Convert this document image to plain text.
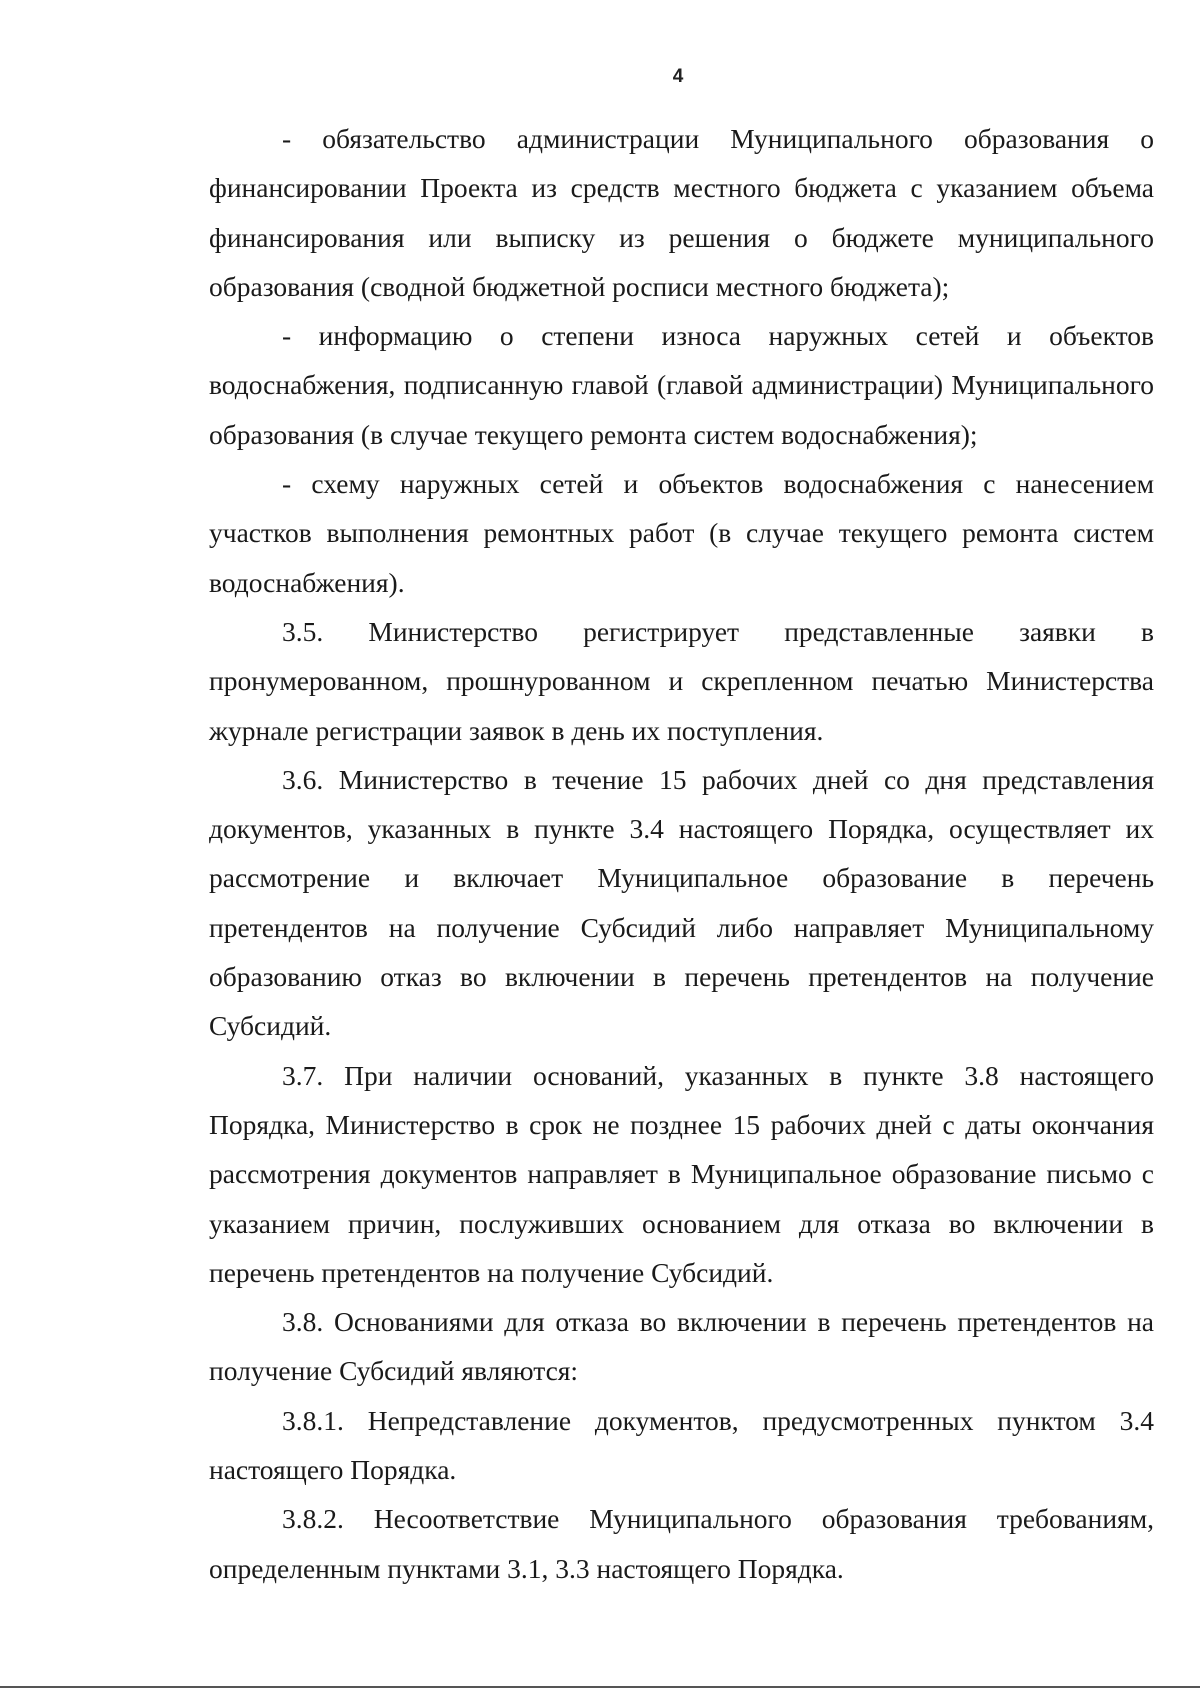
4

- обязательство администрации Муниципального образования о финансировании Проекта из средств местного бюджета с указанием объема финансирования или выписку из решения о бюджете муниципального образования (сводной бюджетной росписи местного бюджета);

- информацию о степени износа наружных сетей и объектов водоснабжения, подписанную главой (главой администрации) Муниципального образования (в случае текущего ремонта систем водоснабжения);

- схему наружных сетей и объектов водоснабжения с нанесением участков выполнения ремонтных работ (в случае текущего ремонта систем водоснабжения).

3.5. Министерство регистрирует представленные заявки в пронумерованном, прошнурованном и скрепленном печатью Министерства журнале регистрации заявок в день их поступления.

3.6. Министерство в течение 15 рабочих дней со дня представления документов, указанных в пункте 3.4 настоящего Порядка, осуществляет их рассмотрение и включает Муниципальное образование в перечень претендентов на получение Субсидий либо направляет Муниципальному образованию отказ во включении в перечень претендентов на получение Субсидий.

3.7. При наличии оснований, указанных в пункте 3.8 настоящего Порядка, Министерство в срок не позднее 15 рабочих дней с даты окончания рассмотрения документов направляет в Муниципальное образование письмо с указанием причин, послуживших основанием для отказа во включении в перечень претендентов на получение Субсидий.

3.8. Основаниями для отказа во включении в перечень претендентов на получение Субсидий являются:

3.8.1. Непредставление документов, предусмотренных пунктом 3.4 настоящего Порядка.

3.8.2. Несоответствие Муниципального образования требованиям, определенным пунктами 3.1, 3.3 настоящего Порядка.
